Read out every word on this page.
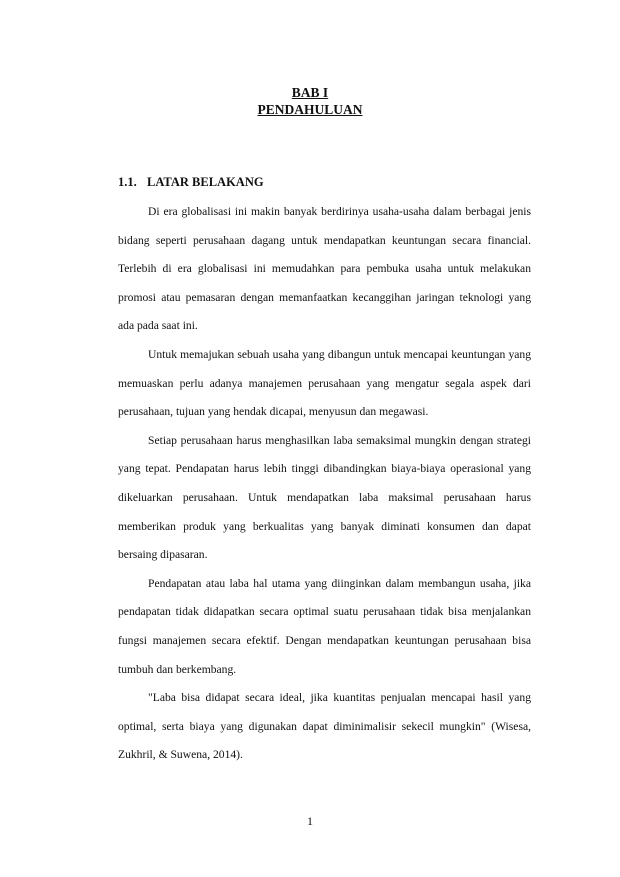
BAB I
PENDAHULUAN
1.1. LATAR BELAKANG

Di era globalisasi ini makin banyak berdirinya usaha-usaha dalam berbagai jenis bidang seperti perusahaan dagang untuk mendapatkan keuntungan secara financial. Terlebih di era globalisasi ini memudahkan para pembuka usaha untuk melakukan promosi atau pemasaran dengan memanfaatkan kecanggihan jaringan teknologi yang ada pada saat ini.

Untuk memajukan sebuah usaha yang dibangun untuk mencapai keuntungan yang memuaskan perlu adanya manajemen perusahaan yang mengatur segala aspek dari perusahaan, tujuan yang hendak dicapai, menyusun dan megawasi.

Setiap perusahaan harus menghasilkan laba semaksimal mungkin dengan strategi yang tepat. Pendapatan harus lebih tinggi dibandingkan biaya-biaya operasional yang dikeluarkan perusahaan. Untuk mendapatkan laba maksimal perusahaan harus memberikan produk yang berkualitas yang banyak diminati konsumen dan dapat bersaing dipasaran.

Pendapatan atau laba hal utama yang diinginkan dalam membangun usaha, jika pendapatan tidak didapatkan secara optimal suatu perusahaan tidak bisa menjalankan fungsi manajemen secara efektif. Dengan mendapatkan keuntungan perusahaan bisa tumbuh dan berkembang.

"Laba bisa didapat secara ideal, jika kuantitas penjualan mencapai hasil yang optimal, serta biaya yang digunakan dapat diminimalisir sekecil mungkin" (Wisesa, Zukhril, & Suwena, 2014).

1
